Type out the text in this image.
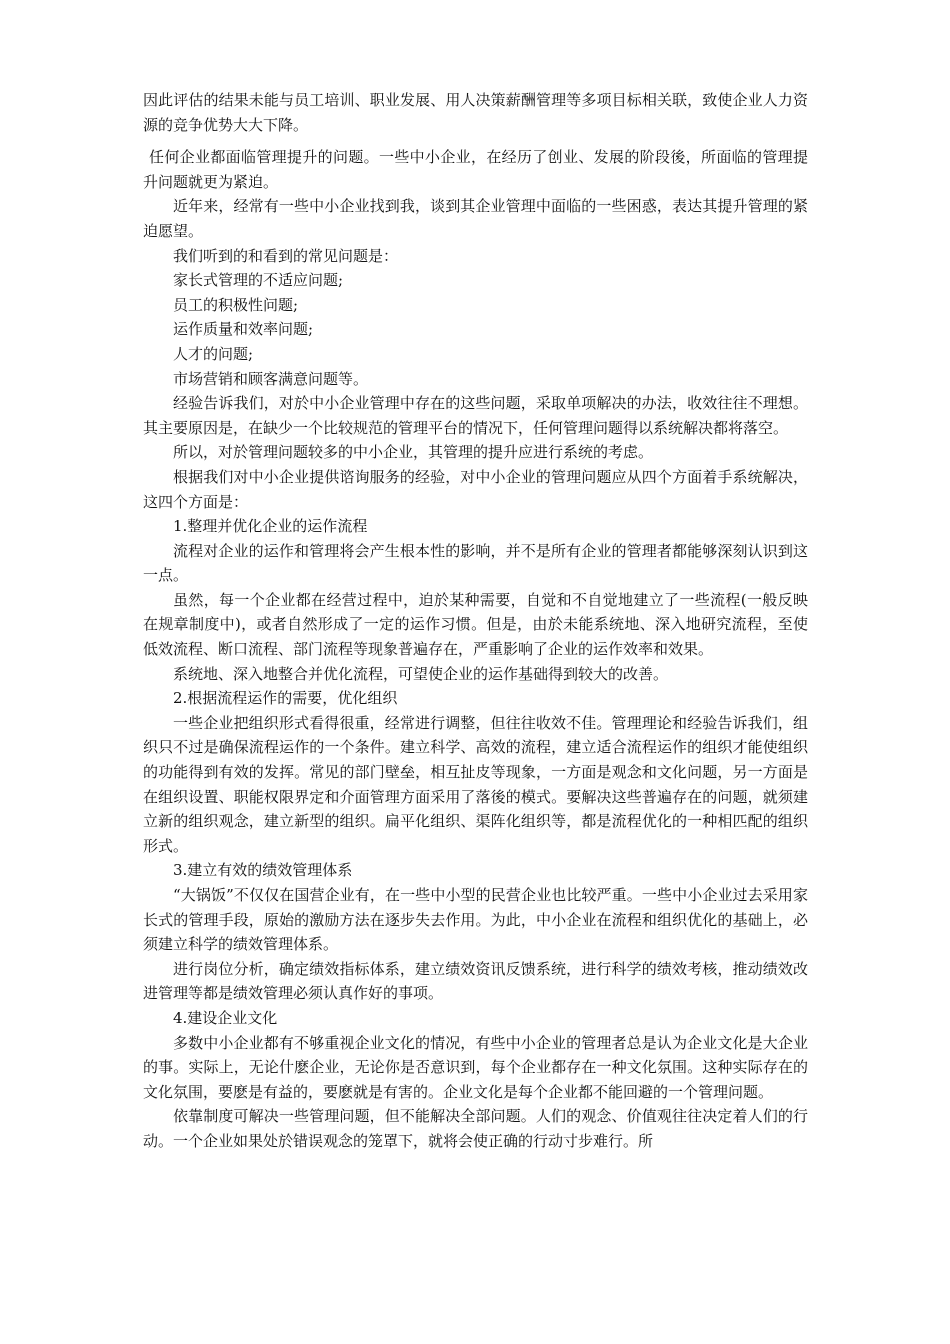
因此评估的结果未能与员工培训、职业发展、用人决策薪酬管理等多项目标相关联，致使企业人力资源的竞争优势大大下降。

任何企业都面临管理提升的问题。一些中小企业，在经历了创业、发展的阶段後，所面临的管理提升问题就更为紧迫。

近年来，经常有一些中小企业找到我，谈到其企业管理中面临的一些困惑，表达其提升管理的紧迫愿望。

我们听到的和看到的常见问题是：

家长式管理的不适应问题;

员工的积极性问题;

运作质量和效率问题;

人才的问题;

市场营销和顾客满意问题等。

经验告诉我们，对於中小企业管理中存在的这些问题，采取单项解决的办法，收效往往不理想。其主要原因是，在缺少一个比较规范的管理平台的情况下，任何管理问题得以系统解决都将落空。

所以，对於管理问题较多的中小企业，其管理的提升应进行系统的考虑。

根据我们对中小企业提供谘询服务的经验，对中小企业的管理问题应从四个方面着手系统解决，这四个方面是：

1.整理并优化企业的运作流程

流程对企业的运作和管理将会产生根本性的影响，并不是所有企业的管理者都能够深刻认识到这一点。

虽然，每一个企业都在经营过程中，迫於某种需要，自觉和不自觉地建立了一些流程(一般反映在规章制度中)，或者自然形成了一定的运作习惯。但是，由於未能系统地、深入地研究流程，至使低效流程、断口流程、部门流程等现象普遍存在，严重影响了企业的运作效率和效果。

系统地、深入地整合并优化流程，可望使企业的运作基础得到较大的改善。

2.根据流程运作的需要，优化组织

一些企业把组织形式看得很重，经常进行调整，但往往收效不佳。管理理论和经验告诉我们，组织只不过是确保流程运作的一个条件。建立科学、高效的流程，建立适合流程运作的组织才能使组织的功能得到有效的发挥。常见的部门壁垒，相互扯皮等现象，一方面是观念和文化问题，另一方面是在组织设置、职能权限界定和介面管理方面采用了落後的模式。要解决这些普遍存在的问题，就须建立新的组织观念，建立新型的组织。扁平化组织、渠阵化组织等，都是流程优化的一种相匹配的组织形式。

3.建立有效的绩效管理体系

“大锅饭”不仅仅在国营企业有，在一些中小型的民营企业也比较严重。一些中小企业过去采用家长式的管理手段，原始的激励方法在逐步失去作用。为此，中小企业在流程和组织优化的基础上，必须建立科学的绩效管理体系。

进行岗位分析，确定绩效指标体系，建立绩效资讯反馈系统，进行科学的绩效考核，推动绩效改进管理等都是绩效管理必须认真作好的事项。

4.建设企业文化

多数中小企业都有不够重视企业文化的情况，有些中小企业的管理者总是认为企业文化是大企业的事。实际上，无论什麽企业，无论你是否意识到，每个企业都存在一种文化氛围。这种实际存在的文化氛围，要麽是有益的，要麽就是有害的。企业文化是每个企业都不能回避的一个管理问题。

依靠制度可解决一些管理问题，但不能解决全部问题。人们的观念、价值观往往决定着人们的行动。一个企业如果处於错误观念的笼罩下，就将会使正确的行动寸步难行。所
